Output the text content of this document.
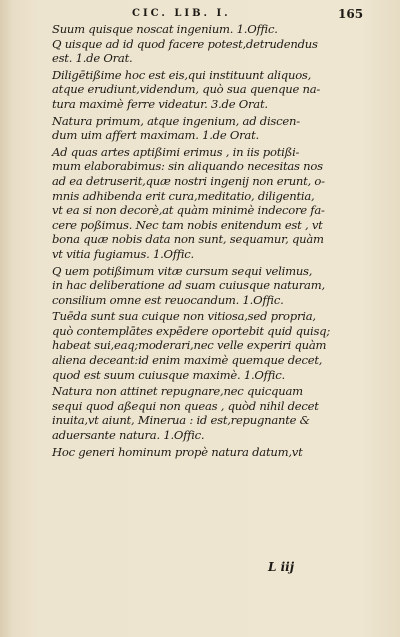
CIC. LIB. I.	165
Suum quisque noscat ingenium. 1.Offic.
Q uisque ad id quod facere potest,detrudendus
est. 1.de Orat.
Diligētißime hoc est eis,qui instituunt aliquos,
atque erudiunt,videndum, quò sua quenque na-
tura maximè ferre videatur. 3.de Orat.
Natura primum, atque ingenium, ad discen-
dum uim affert maximam. 1.de Orat.
Ad quas artes aptißimi erimus , in iis potißi-
mum elaborabimus: sin aliquando necesitas nos
ad ea detruserit,quæ nostri ingenij non erunt, o-
mnis adhibenda erit cura,meditatio, diligentia,
vt ea si non decorè,at quàm minimè indecore fa-
cere poßimus. Nec tam nobis enitendum est , vt
bona quæ nobis data non sunt, sequamur, quàm
vt vitia fugiamus. 1.Offic.
Q uem potißimum vitæ cursum sequi velimus,
in hac deliberatione ad suam cuiusque naturam,
consilium omne est reuocandum. 1.Offic.
Tuēda sunt sua cuique non vitiosa,sed propria,
quò contemplātes expēdere oportebit quid quisq;
habeat sui,eaq;moderari,nec velle experiri quàm
aliena deceant:id enim maximè quemque decet,
quod est suum cuiusque maximè. 1.Offic.
Natura non attinet repugnare,nec quicquam
sequi quod aßequi non queas , quòd nihil decet
inuita,vt aiunt, Minerua : id est,repugnante &
aduersante natura. 1.Offic.
Hoc generi hominum propè natura datum,vt
L iij
